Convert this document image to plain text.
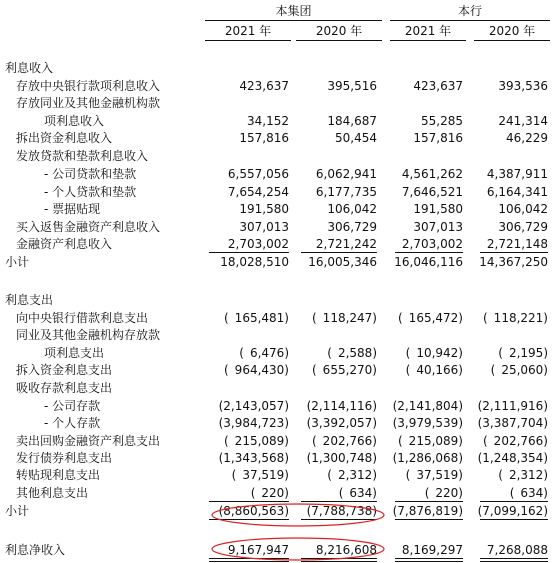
本集团	本行
2021 年	2020 年	2021 年	2020 年
利息收入
存放中央银行款项利息收入	423,637	395,516	423,637	393,536
存放同业及其他金融机构款
项利息收入	34,152	184,687	55,285	241,314
拆出资金利息收入	157,816	50,454	157,816	46,229
发放贷款和垫款利息收入
- 公司贷款和垫款	6,557,056	6,062,941	4,561,262	4,387,911
- 个人贷款和垫款	7,654,254	6,177,735	7,646,521	6,164,341
- 票据贴现	191,580	106,042	191,580	106,042
买入返售金融资产利息收入	307,013	306,729	307,013	306,729
金融资产利息收入	2,703,002	2,721,242	2,703,002	2,721,148
小计	18,028,510	16,005,346 16,046,116 14,367,250
利息支出
向中央银行借款利息支出	( 165,481)	( 118,247)	( 165,472)	( 118,221)
同业及其他金融机构存放款
项利息支出	( 6,476)	( 2,588)	( 10,942)	( 2,195)
拆入资金利息支出	( 964,430)	( 655,270)	( 40,166)	( 25,060)
吸收存款利息支出
- 公司存款	(2,143,057)	(2,114,116) (2,141,804) (2,111,916)
- 个人存款	(3,984,723)	(3,392,057) (3,979,539) (3,387,704)
卖出回购金融资产利息支出	( 215,089)	( 202,766)	( 215,089)	( 202,766)
发行债券利息支出	(1,343,568)	(1,300,748) (1,286,068) (1,248,354)
转贴现利息支出	( 37,519)	( 2,312)	( 37,519)	( 2,312)
其他利息支出	( 220)	( 634)	( 220)	( 634)
小计	(8,860,563)	(7,788,738) (7,876,819) (7,099,162)
利息净收入	9,167,947	8,216,608	8,169,297	7,268,088
